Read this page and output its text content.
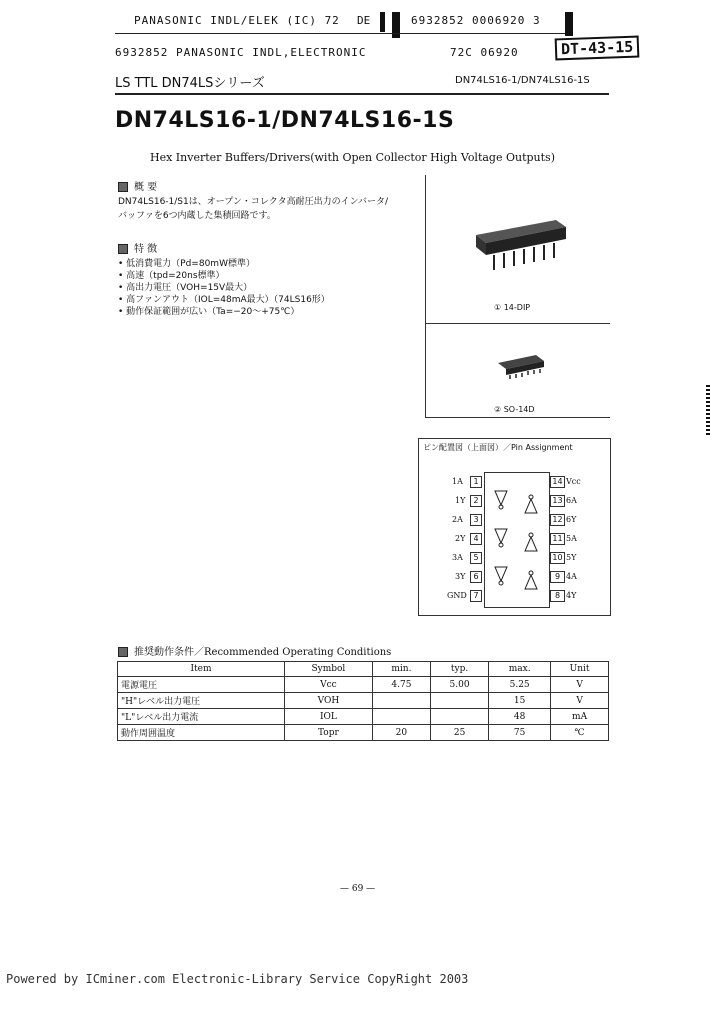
PANASONIC INDL/ELEK (IC) 72 DE	6932852 0006920 3
6932852 PANASONIC INDL,ELECTRONIC	72C 06920	DT-43-15
LS TTL DN74LSシリーズ	DN74LS16-1/DN74LS16-1S
DN74LS16-1/DN74LS16-1S
Hex Inverter Buffers/Drivers(with Open Collector High Voltage Outputs)
概 要
DN74LS16-1/S1は、オープン・コレクタ高耐圧出力のインバータ/
バッファを6つ内蔵した集積回路です。
特 徴
• 低消費電力（Pd=80mW標準）
• 高速（tpd=20ns標準）
• 高出力電圧（VOH=15V最大）
• 高ファンアウト（IOL=48mA最大）（74LS16形）
• 動作保証範囲が広い（Ta=−20〜+75℃）	① 14-DIP
② SO-14D
ピン配置図（上面図）／Pin Assignment
1A	1
1Y	2
2A	3
2Y	4
3A	5
3Y	6
GND 7
14 Vcc
13 6A
12 6Y
11 5A
10 5Y
9 4A
8 4Y
推奨動作条件／Recommended Operating Conditions
Item	Symbol	min.	typ.	max.	Unit
電源電圧	Vcc	4.75	5.00	5.25	V
"H"レベル出力電圧	VOH			15	V
"L"レベル出力電流	IOL			48	mA
動作周囲温度	Topr	20	25	75	℃
— 69 —
Powered by ICminer.com Electronic-Library Service CopyRight 2003
